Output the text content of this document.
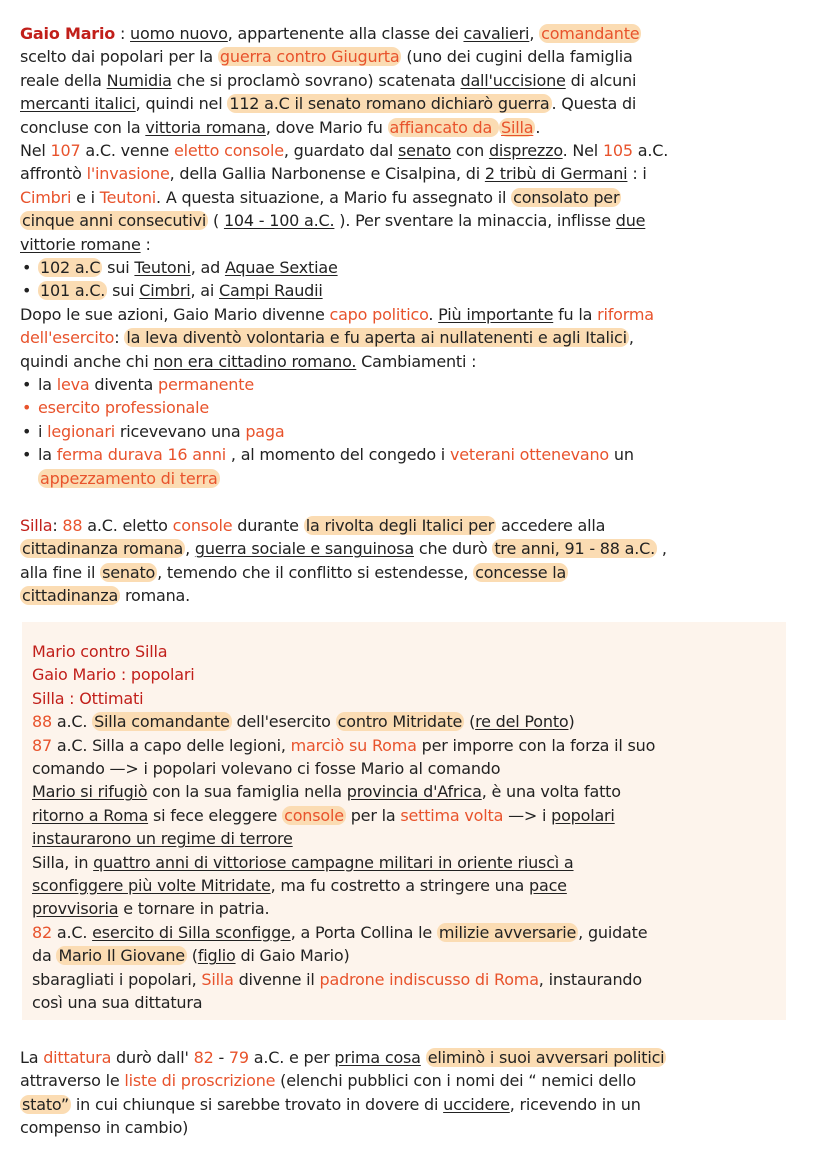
Gaio Mario : uomo nuovo, appartenente alla classe dei cavalieri, comandante
scelto dai popolari per la guerra contro Giugurta (uno dei cugini della famiglia
reale della Numidia che si proclamò sovrano) scatenata dall'uccisione di alcuni
mercanti italici, quindi nel 112 a.C il senato romano dichiarò guerra . Questa di
concluse con la vittoria romana, dove Mario fu affiancato da Silla .
Nel 107 a.C. venne eletto console, guardato dal senato con disprezzo. Nel 105 a.C.
affrontò l'invasione, della Gallia Narbonense e Cisalpina, di 2 tribù di Germani : i
Cimbri e i Teutoni. A questa situazione, a Mario fu assegnato il consolato per
cinque anni consecutivi ( 104 - 100 a.C. ). Per sventare la minaccia, inflisse due
vittorie romane :
• 102 a.C sui Teutoni, ad Aquae Sextiae
• 101 a.C. sui Cimbri, ai Campi Raudii
Dopo le sue azioni, Gaio Mario divenne capo politico. Più importante fu la riforma
dell'esercito: la leva diventò volontaria e fu aperta ai nullatenenti e agli Italici ,
quindi anche chi non era cittadino romano. Cambiamenti :
• la leva diventa permanente
• esercito professionale
• i legionari ricevevano una paga
• la ferma durava 16 anni , al momento del congedo i veterani ottenevano un
appezzamento di terra
Silla: 88 a.C. eletto console durante la rivolta degli Italici per accedere alla
cittadinanza romana , guerra sociale e sanguinosa che durò tre anni, 91 - 88 a.C. ,
alla fine il senato , temendo che il conflitto si estendesse, concesse la
cittadinanza romana.
Mario contro Silla
Gaio Mario : popolari
Silla : Ottimati
88 a.C. Silla comandante dell'esercito contro Mitridate (re del Ponto)
87 a.C. Silla a capo delle legioni, marciò su Roma per imporre con la forza il suo
comando —> i popolari volevano ci fosse Mario al comando
Mario si rifugiò con la sua famiglia nella provincia d'Africa, è una volta fatto
ritorno a Roma si fece eleggere console per la settima volta —> i popolari
instaurarono un regime di terrore
Silla, in quattro anni di vittoriose campagne militari in oriente riuscì a
sconfiggere più volte Mitridate, ma fu costretto a stringere una pace
provvisoria e tornare in patria.
82 a.C. esercito di Silla sconfigge, a Porta Collina le milizie avversarie , guidate
da Mario Il Giovane (figlio di Gaio Mario)
sbaragliati i popolari, Silla divenne il padrone indiscusso di Roma, instaurando
così una sua dittatura
La dittatura durò dall' 82 - 79 a.C. e per prima cosa eliminò i suoi avversari politici
attraverso le liste di proscrizione (elenchi pubblici con i nomi dei “ nemici dello
stato” in cui chiunque si sarebbe trovato in dovere di uccidere, ricevendo in un
compenso in cambio)
